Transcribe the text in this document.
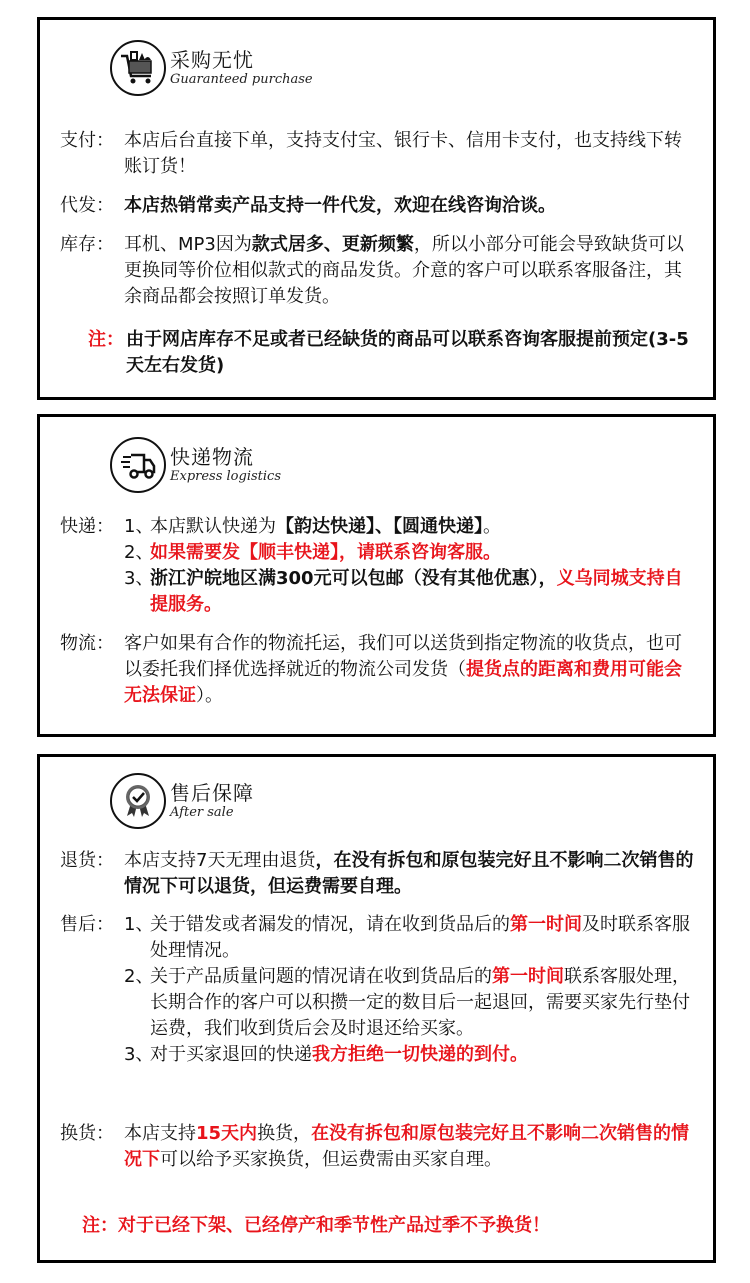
采购无忧
Guaranteed purchase
支付： 本店后台直接下单，支持支付宝、银行卡、信用卡支付，也支持线下转账订货！
代发： 本店热销常卖产品支持一件代发，欢迎在线咨询洽谈。
库存： 耳机、MP3因为款式居多、更新频繁，所以小部分可能会导致缺货可以更换同等价位相似款式的商品发货。介意的客户可以联系客服备注，其余商品都会按照订单发货。
注： 由于网店库存不足或者已经缺货的商品可以联系咨询客服提前预定(3-5天左右发货)
快递物流
Express logistics
快递： 1、
本店默认快递为【韵达快递】、【圆通快递】。
2、
如果需要发【顺丰快递】，请联系咨询客服。
3、
浙江沪皖地区满300元可以包邮（没有其他优惠），义乌同城支持自提服务。
物流： 客户如果有合作的物流托运，我们可以送货到指定物流的收货点，也可以委托我们择优选择就近的物流公司发货（提货点的距离和费用可能会无法保证）。
售后保障
After sale
退货： 本店支持7天无理由退货，在没有拆包和原包装完好且不影响二次销售的情况下可以退货，但运费需要自理。
售后： 1、
关于错发或者漏发的情况，请在收到货品后的第一时间及时联系客服处理情况。
2、
关于产品质量问题的情况请在收到货品后的第一时间联系客服处理，长期合作的客户可以积攒一定的数目后一起退回，需要买家先行垫付运费，我们收到货后会及时退还给买家。
3、
对于买家退回的快递我方拒绝一切快递的到付。
换货： 本店支持15天内换货，在没有拆包和原包装完好且不影响二次销售的情况下可以给予买家换货，但运费需由买家自理。
注：对于已经下架、已经停产和季节性产品过季不予换货！
